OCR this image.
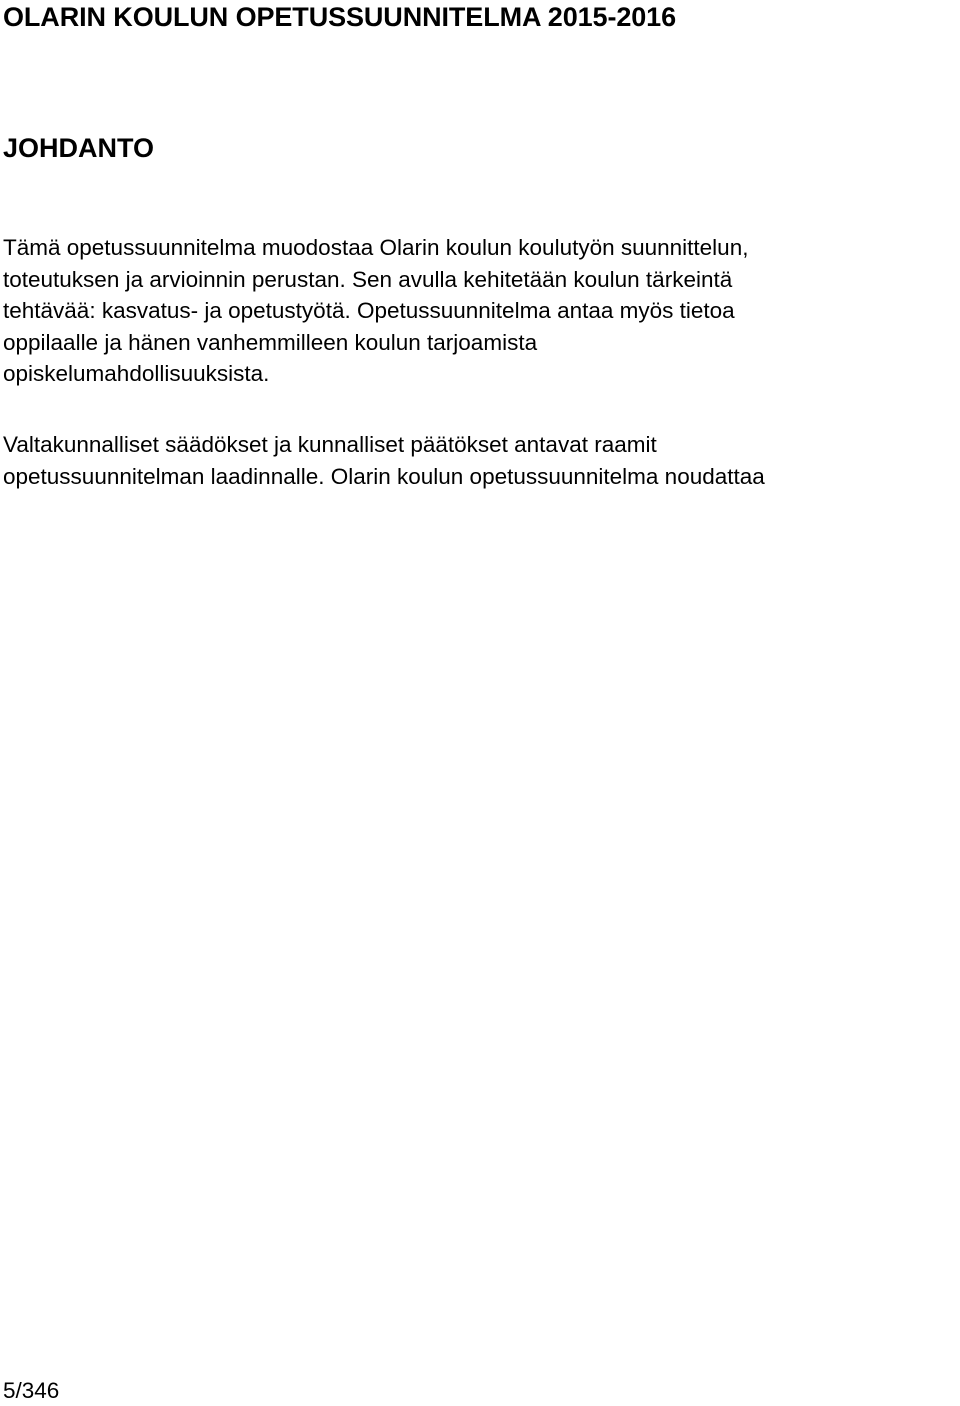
OLARIN KOULUN OPETUSSUUNNITELMA 2015-2016
JOHDANTO

Tämä opetussuunnitelma muodostaa Olarin koulun koulutyön suunnittelun,
toteutuksen ja arvioinnin perustan. Sen avulla kehitetään koulun tärkeintä
tehtävää: kasvatus- ja opetustyötä. Opetussuunnitelma antaa myös tietoa
oppilaalle ja hänen vanhemmilleen koulun tarjoamista
opiskelumahdollisuuksista.

Valtakunnalliset säädökset ja kunnalliset päätökset antavat raamit
opetussuunnitelman laadinnalle. Olarin koulun opetussuunnitelma noudattaa

5/346
